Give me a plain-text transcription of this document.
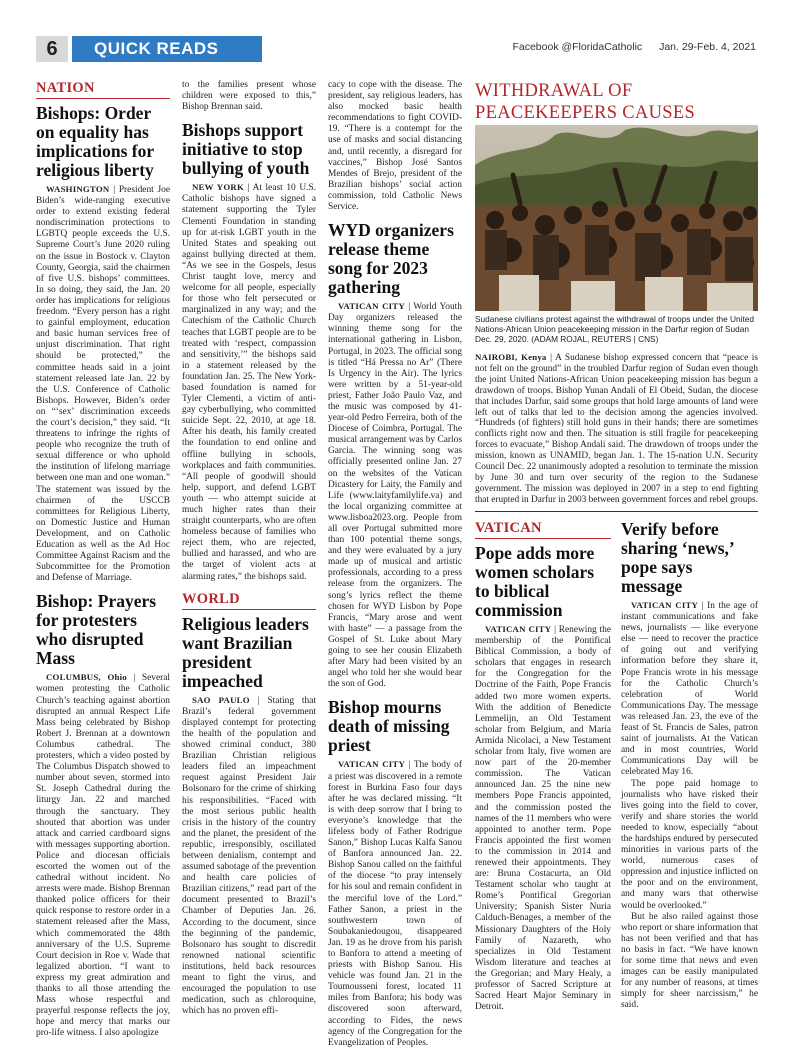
6	QUICK READS	Facebook @FloridaCatholic Jan. 29-Feb. 4, 2021
NATION
Bishops: Order on equality has implications for religious liberty

WASHINGTON | President Joe Biden’s wide-ranging executive order to extend existing federal nondiscrimination protections to LGBTQ people exceeds the U.S. Supreme Court’s June 2020 ruling on the issue in Bostock v. Clayton County, Georgia, said the chairmen of five U.S. bishops’ committees. In so doing, they said, the Jan. 20 order has implications for religious freedom. “Every person has a right to gainful employment, education and basic human services free of unjust discrimination. That right should be protected,” the committee heads said in a joint statement released late Jan. 22 by the U.S. Conference of Catholic Bishops. However, Biden’s order on “‘sex’ discrimination exceeds the court’s decision,” they said. “It threatens to infringe the rights of people who recognize the truth of sexual difference or who uphold the institution of lifelong marriage between one man and one woman.” The statement was issued by the chairmen of the USCCB committees for Religious Liberty, on Domestic Justice and Human Development, and on Catholic Education as well as the Ad Hoc Committee Against Racism and the Subcommittee for the Promotion and Defense of Marriage.

Bishop: Prayers for protesters who disrupted Mass

COLUMBUS, Ohio | Several women protesting the Catholic Church’s teaching against abortion disrupted an annual Respect Life Mass being celebrated by Bishop Robert J. Brennan at a downtown Columbus cathedral. The protesters, which a video posted by The Columbus Dispatch showed to number about seven, stormed into St. Joseph Cathedral during the liturgy Jan. 22 and marched through the sanctuary. They shouted that abortion was under attack and carried cardboard signs with messages supporting abortion. Police and diocesan officials escorted the women out of the cathedral without incident. No arrests were made. Bishop Brennan thanked police officers for their quick response to restore order in a statement released after the Mass, which commemorated the 48th anniversary of the U.S. Supreme Court decision in Roe v. Wade that legalized abortion. “I want to express my great admiration and thanks to all those attending the Mass whose respectful and prayerful response reflects the joy, hope and mercy that marks our pro-life witness. I also apologize

to the families present whose children were exposed to this,” Bishop Brennan said.

Bishops support initiative to stop bullying of youth

NEW YORK | At least 10 U.S. Catholic bishops have signed a statement supporting the Tyler Clementi Foundation in standing up for at-risk LGBT youth in the United States and speaking out against bullying directed at them. “As we see in the Gospels, Jesus Christ taught love, mercy and welcome for all people, especially for those who felt persecuted or marginalized in any way; and the Catechism of the Catholic Church teaches that LGBT people are to be treated with ‘respect, compassion and sensitivity,’” the bishops said in a statement released by the foundation Jan. 25. The New York-based foundation is named for Tyler Clementi, a victim of anti-gay cyberbullying, who committed suicide Sept. 22, 2010, at age 18. After his death, his family created the foundation to end online and offline bullying in schools, workplaces and faith communities. “All people of goodwill should help, support, and defend LGBT youth — who attempt suicide at much higher rates than their straight counterparts, who are often homeless because of families who reject them, who are rejected, bullied and harassed, and who are the target of violent acts at alarming rates,” the bishops said.

WORLD
Religious leaders want Brazilian president impeached

SAO PAULO | Stating that Brazil’s federal government displayed contempt for protecting the health of the population and showed criminal conduct, 380 Brazilian Christian religious leaders filed an impeachment request against President Jair Bolsonaro for the crime of shirking his responsibilities. “Faced with the most serious public health crisis in the history of the country and the planet, the president of the republic, irresponsibly, oscillated between denialism, contempt and assumed sabotage of the prevention and health care policies of Brazilian citizens,” read part of the document presented to Brazil’s Chamber of Deputies Jan. 26. According to the document, since the beginning of the pandemic, Bolsonaro has sought to discredit renowned national scientific institutions, held back resources meant to fight the virus, and encouraged the population to use medication, such as chloroquine, which has no proven effi-

cacy to cope with the disease. The president, say religious leaders, has also mocked basic health recommendations to fight COVID-19. “There is a contempt for the use of masks and social distancing and, until recently, a disregard for vaccines,” Bishop José Santos Mendes of Brejo, president of the Brazilian bishops’ social action commission, told Catholic News Service.

WYD organizers release theme song for 2023 gathering

VATICAN CITY | World Youth Day organizers released the winning theme song for the international gathering in Lisbon, Portugal, in 2023. The official song is titled “Há Pressa no Ar” (There Is Urgency in the Air). The lyrics were written by a 51-year-old priest, Father João Paulo Vaz, and the music was composed by 41-year-old Pedro Ferreira, both of the Diocese of Coimbra, Portugal. The musical arrangement was by Carlos Garcia. The winning song was officially presented online Jan. 27 on the websites of the Vatican Dicastery for Laity, the Family and Life (www.laityfamilylife.va) and the local organizing committee at www.lisboa2023.org. People from all over Portugal submitted more than 100 potential theme songs, and they were evaluated by a jury made up of musical and artistic professionals, according to a press release from the organizers. The song’s lyrics reflect the theme chosen for WYD Lisbon by Pope Francis, “Mary arose and went with haste” — a passage from the Gospel of St. Luke about Mary going to see her cousin Elizabeth after Mary had been visited by an angel who told her she would bear the son of God.

Bishop mourns death of missing priest

VATICAN CITY | The body of a priest was discovered in a remote forest in Burkina Faso four days after he was declared missing. “It is with deep sorrow that I bring to everyone’s knowledge that the lifeless body of Father Rodrigue Sanon,” Bishop Lucas Kalfa Sanou of Banfora announced Jan. 22. Bishop Sanou called on the faithful of the diocese “to pray intensely for his soul and remain confident in the merciful love of the Lord.” Father Sanon, a priest in the southwestern town of Soubakaniedougou, disappeared Jan. 19 as he drove from his parish to Banfora to attend a meeting of priests with Bishop Sanou. His vehicle was found Jan. 21 in the Toumousseni forest, located 11 miles from Banfora; his body was discovered soon afterward, according to Fides, the news agency of the Congregation for the Evangelization of Peoples.

WITHDRAWAL OF PEACEKEEPERS CAUSES
Sudanese civilians protest against the withdrawal of troops under the United Nations-African Union peacekeeping mission in the Darfur region of Sudan Dec. 29, 2020. (ADAM ROJAL, REUTERS | CNS)

NAIROBI, Kenya | A Sudanese bishop expressed concern that “peace is not felt on the ground” in the troubled Darfur region of Sudan even though the joint United Nations-African Union peacekeeping mission has begun a drawdown of troops. Bishop Yunan Andali of El Obeid, Sudan, the diocese that includes Darfur, said some groups that hold large amounts of land were left out of talks that led to the decision among the agencies involved. “Hundreds (of fighters) still hold guns in their hands; there are sometimes conflicts right now and then. The situation is still fragile for peacekeeping forces to evacuate,” Bishop Andali said. The drawdown of troops under the mission, known as UNAMID, began Jan. 1. The 15-nation U.N. Security Council Dec. 22 unanimously adopted a resolution to terminate the mission by June 30 and turn over security of the region to the Sudanese government. The mission was deployed in 2007 in a step to end fighting that erupted in Darfur in 2003 between government forces and rebel groups.

VATICAN
Pope adds more women scholars to biblical commission

VATICAN CITY | Renewing the membership of the Pontifical Biblical Commission, a body of scholars that engages in research for the Congregation for the Doctrine of the Faith, Pope Francis added two more women experts. With the addition of Benedicte Lemmelijn, an Old Testament scholar from Belgium, and Maria Armida Nicolaci, a New Testament scholar from Italy, five women are now part of the 20-member commission. The Vatican announced Jan. 25 the nine new members Pope Francis appointed, and the commission posted the names of the 11 members who were appointed to another term. Pope Francis appointed the first women to the commission in 2014 and renewed their appointments. They are: Bruna Costacurta, an Old Testament scholar who taught at Rome’s Pontifical Gregorian University; Spanish Sister Nuria Calduch-Benages, a member of the Missionary Daughters of the Holy Family of Nazareth, who specializes in Old Testament Wisdom literature and teaches at the Gregorian; and Mary Healy, a professor of Sacred Scripture at Sacred Heart Major Seminary in Detroit.

Verify before sharing ‘news,’ pope says message

VATICAN CITY | In the age of instant communications and fake news, journalists — like everyone else — need to recover the practice of going out and verifying information before they share it, Pope Francis wrote in his message for the Catholic Church’s celebration of World Communications Day. The message was released Jan. 23, the eve of the feast of St. Francis de Sales, patron saint of journalists. At the Vatican and in most countries, World Communications Day will be celebrated May 16.

The pope paid homage to journalists who have risked their lives going into the field to cover, verify and share stories the world needed to know, especially “about the hardships endured by persecuted minorities in various parts of the world, numerous cases of oppression and injustice inflicted on the poor and on the environment, and many wars that otherwise would be overlooked.”

But he also railed against those who report or share information that has not been verified and that has no basis in fact. “We have known for some time that news and even images can be easily manipulated for any number of reasons, at times simply for sheer narcissism,” he said.
